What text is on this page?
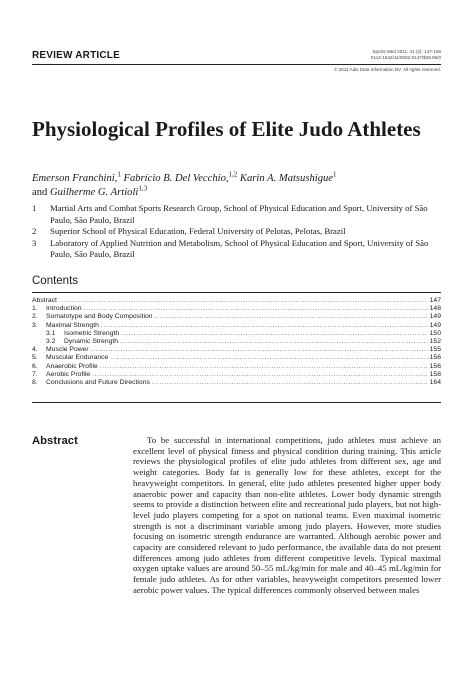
REVIEW ARTICLE	Sports Med 2011; 41 (2): 147-166
0112-1642/11/0002-0147/$49.95/0
© 2011 Adis Data Information BV. All rights reserved.
Physiological Profiles of Elite Judo Athletes
Emerson Franchini,$^1$ Fabrício B. Del Vecchio,$^{1,2}$ Karin A. Matsushigue$^1$
and Guilherme G. Artioli$^{1,3}$
1	Martial Arts and Combat Sports Research Group, School of Physical Education and Sport, University of São Paulo, São Paulo, Brazil
2	Superior School of Physical Education, Federal University of Pelotas, Pelotas, Brazil
3	Laboratory of Applied Nutrition and Metabolism, School of Physical Education and Sport, University of São Paulo, São Paulo, Brazil
Contents
Abstract .....	147
1.	Introduction .....	148
2.	Somatotype and Body Composition .....	149
3.	Maximal Strength .....	149
3.1	Isometric Strength .....	150
3.2	Dynamic Strength .....	152
4.	Muscle Power .....	155
5.	Muscular Endurance .....	156
6.	Anaerobic Profile .....	156
7.	Aerobic Profile .....	158
8.	Conclusions and Future Directions .....	164
Abstract	To be successful in international competitions, judo athletes must achieve an excellent level of physical fitness and physical condition during training. This article reviews the physiological profiles of elite judo athletes from different sex, age and weight categories. Body fat is generally low for these athletes, except for the heavyweight competitors. In general, elite judo athletes presented higher upper body anaerobic power and capacity than non-elite athletes. Lower body dynamic strength seems to provide a distinction between elite and recreational judo players, but not high-level judo players competing for a spot on national teams. Even maximal isometric strength is not a discriminant variable among judo players. However, more studies focusing on isometric strength endurance are warranted. Although aerobic power and capacity are considered relevant to judo performance, the available data do not present differences among judo athletes from different competitive levels. Typical maximal oxygen uptake values are around 50–55 mL/kg/min for male and 40–45 mL/kg/min for female judo athletes. As for other variables, heavyweight competitors presented lower aerobic power values. The typical differences commonly observed between males
